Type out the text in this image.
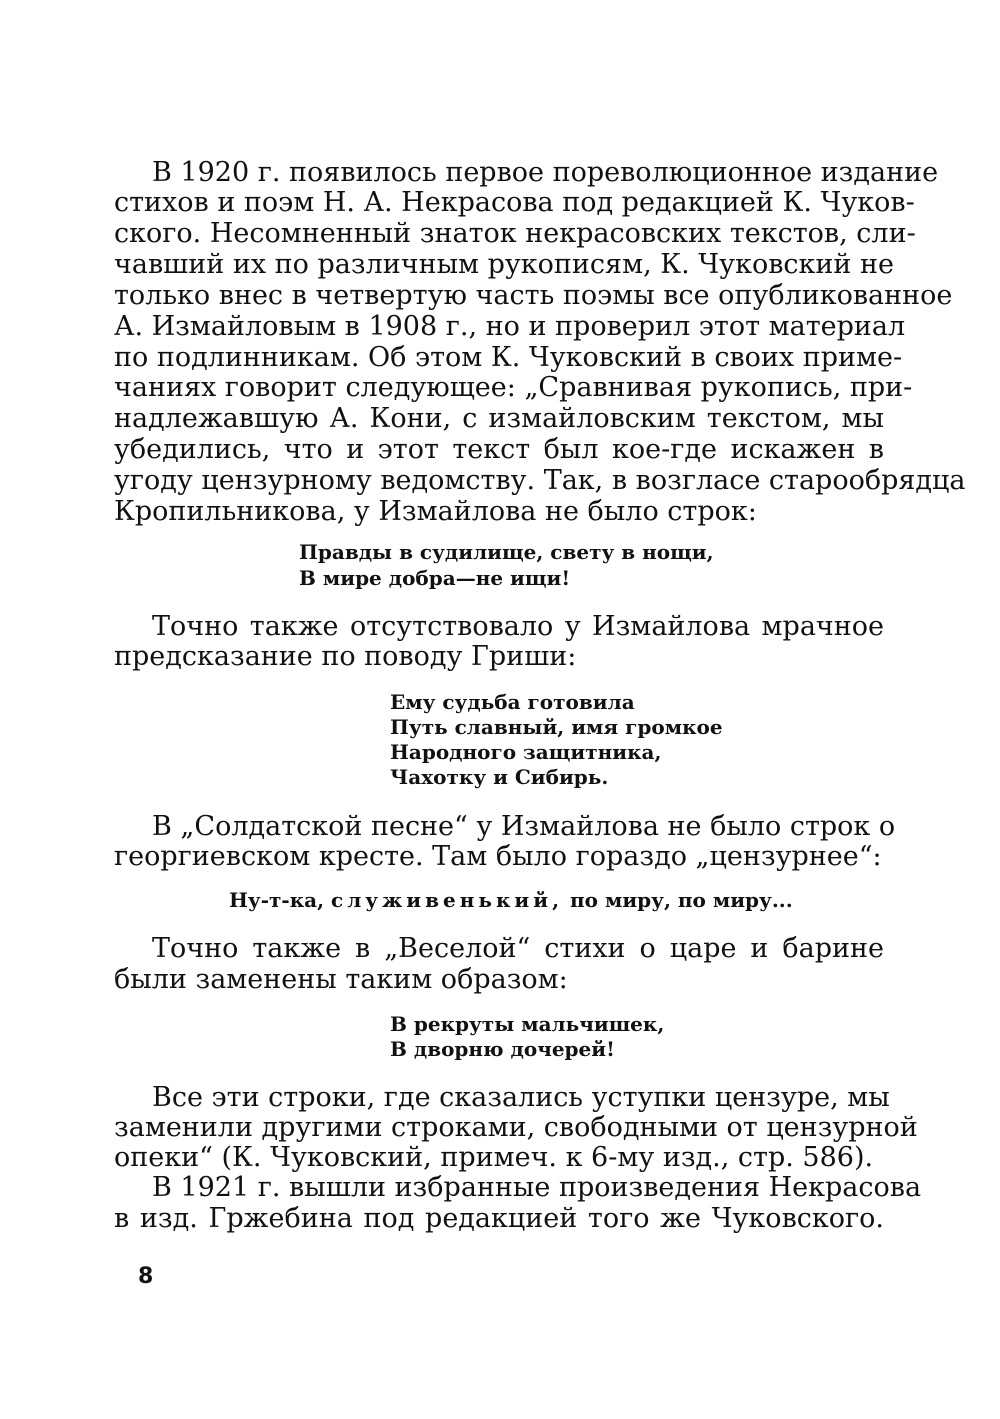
В 1920 г. появилось первое пореволюционное издание
стихов и поэм Н. А. Некрасова под редакцией К. Чуков-
ского. Несомненный знаток некрасовских текстов, сли-
чавший их по различным рукописям, К. Чуковский не
только внес в четвертую часть поэмы все опубликованное
А. Измайловым в 1908 г., но и проверил этот материал
по подлинникам. Об этом К. Чуковский в своих приме-
чаниях говорит следующее: „Сравнивая рукопись, при-
надлежавшую А. Кони, с измайловским текстом, мы
убедились, что и этот текст был кое-где искажен в
угоду цензурному ведомству. Так, в возгласе старообрядца
Кропильникова, у Измайлова не было строк:
Правды в судилище, свету в нощи,
В мире добра—не ищи!
Точно также отсутствовало у Измайлова мрачное
предсказание по поводу Гриши:
Ему судьба готовила
Путь славный, имя громкое
Народного защитника,
Чахотку и Сибирь.
В „Солдатской песне“ у Измайлова не было строк о
георгиевском кресте. Там было гораздо „цензурнее“:
Ну-т-ка, служивенький, по миру, по миру...
Точно также в „Веселой“ стихи о царе и барине
были заменены таким образом:
В рекруты мальчишек,
В дворню дочерей!
Все эти строки, где сказались уступки цензуре, мы
заменили другими строками, свободными от цензурной
опеки“ (К. Чуковский, примеч. к 6-му изд., стр. 586).
В 1921 г. вышли избранные произведения Некрасова
в изд. Гржебина под редакцией того же Чуковского.
8
